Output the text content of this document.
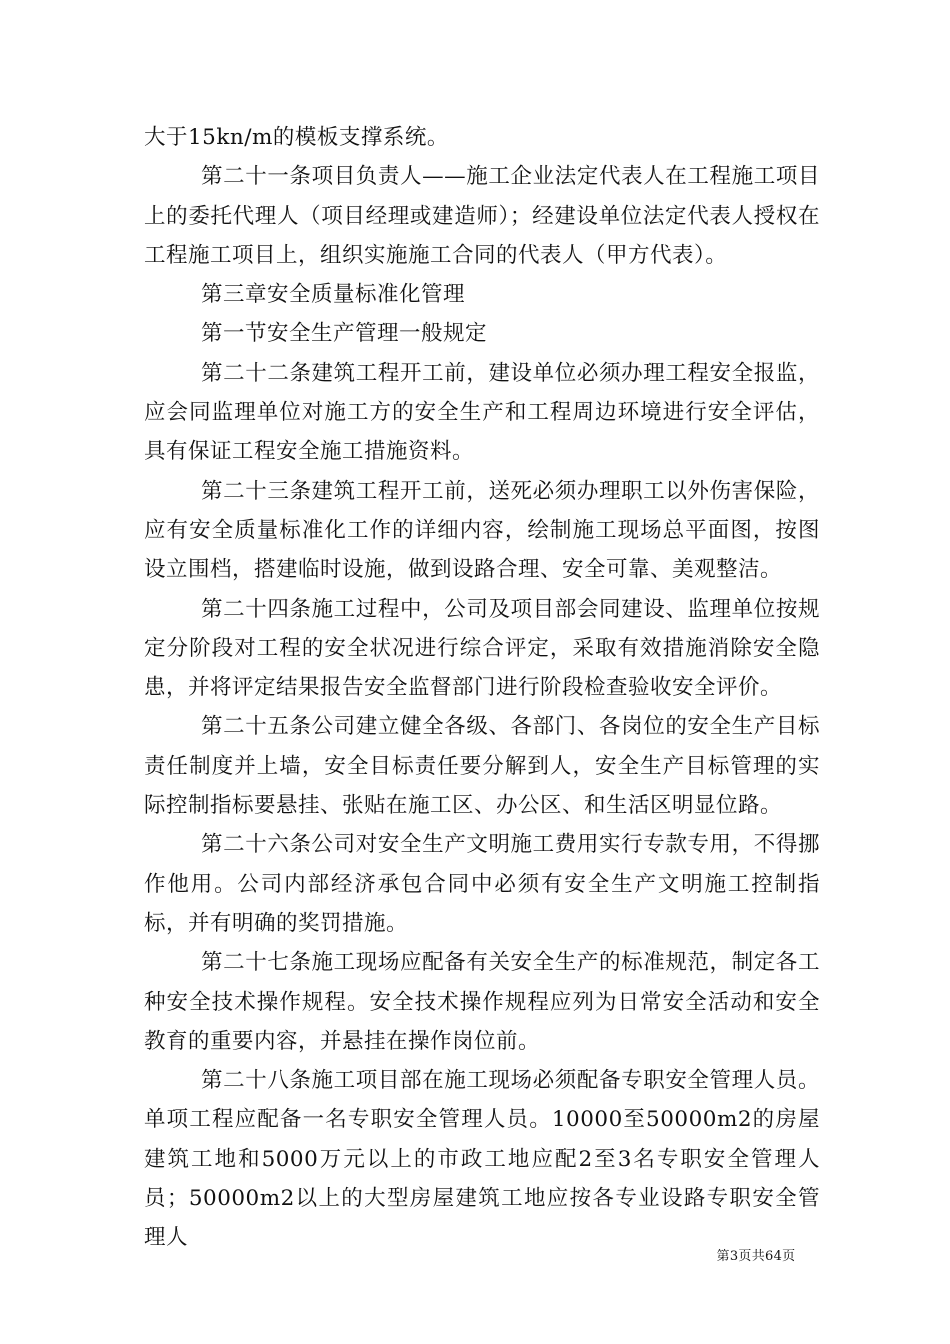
大于15kn/m的模板支撑系统。

第二十一条项目负责人——施工企业法定代表人在工程施工项目上的委托代理人（项目经理或建造师）；经建设单位法定代表人授权在工程施工项目上，组织实施施工合同的代表人（甲方代表）。

第三章安全质量标准化管理

第一节安全生产管理一般规定

第二十二条建筑工程开工前，建设单位必须办理工程安全报监，应会同监理单位对施工方的安全生产和工程周边环境进行安全评估，具有保证工程安全施工措施资料。

第二十三条建筑工程开工前，送死必须办理职工以外伤害保险，应有安全质量标准化工作的详细内容，绘制施工现场总平面图，按图设立围档，搭建临时设施，做到设路合理、安全可靠、美观整洁。

第二十四条施工过程中，公司及项目部会同建设、监理单位按规定分阶段对工程的安全状况进行综合评定，采取有效措施消除安全隐患，并将评定结果报告安全监督部门进行阶段检查验收安全评价。

第二十五条公司建立健全各级、各部门、各岗位的安全生产目标责任制度并上墙，安全目标责任要分解到人，安全生产目标管理的实际控制指标要悬挂、张贴在施工区、办公区、和生活区明显位路。

第二十六条公司对安全生产文明施工费用实行专款专用，不得挪作他用。公司内部经济承包合同中必须有安全生产文明施工控制指标，并有明确的奖罚措施。

第二十七条施工现场应配备有关安全生产的标准规范，制定各工种安全技术操作规程。安全技术操作规程应列为日常安全活动和安全教育的重要内容，并悬挂在操作岗位前。

第二十八条施工项目部在施工现场必须配备专职安全管理人员。单项工程应配备一名专职安全管理人员。10000至50000m2的房屋建筑工地和5000万元以上的市政工地应配2至3名专职安全管理人员；50000m2以上的大型房屋建筑工地应按各专业设路专职安全管理人

第3页共64页
